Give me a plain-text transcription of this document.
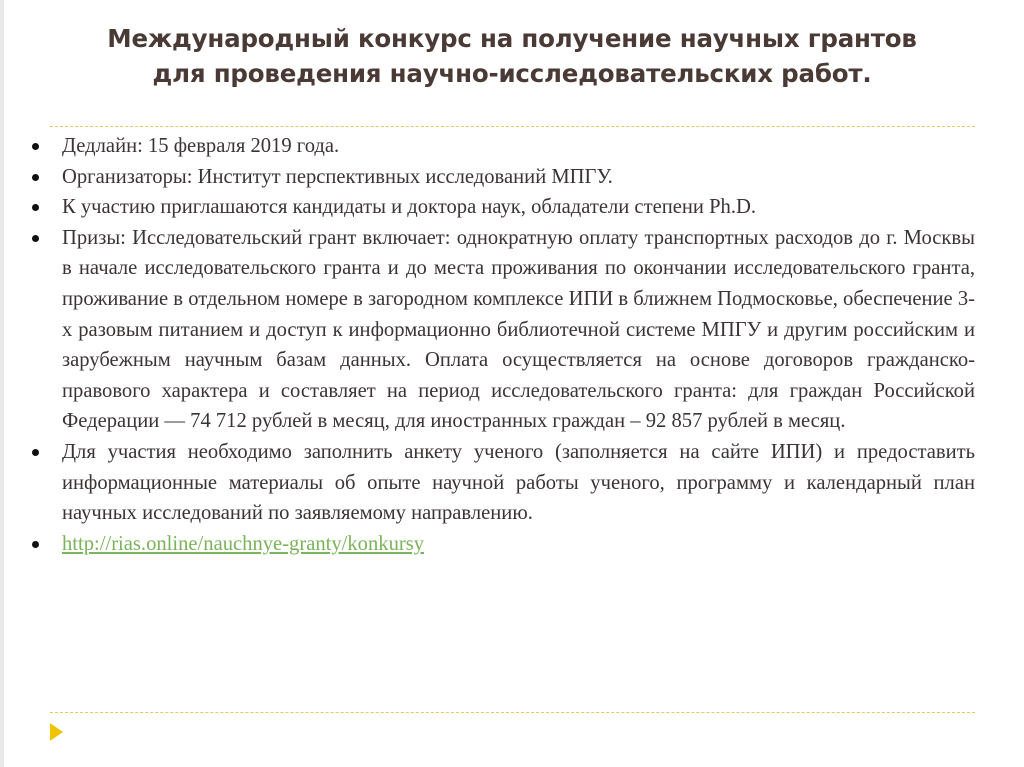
Международный конкурс на получение научных грантов
для проведения научно-исследовательских работ.
Дедлайн: 15 февраля 2019 года.
Организаторы: Институт перспективных исследований МПГУ.
К участию приглашаются кандидаты и доктора наук, обладатели степени Ph.D.
Призы: Исследовательский грант включает: однократную оплату транспортных расходов до г. Москвы в начале исследовательского гранта и до места проживания по окончании исследовательского гранта, проживание в отдельном номере в загородном комплексе ИПИ в ближнем Подмосковье, обеспечение 3-х разовым питанием и доступ к информационно библиотечной системе МПГУ и другим российским и зарубежным научным базам данных. Оплата осуществляется на основе договоров гражданско-правового характера и составляет на период исследовательского гранта: для граждан Российской Федерации — 74 712 рублей в месяц, для иностранных граждан – 92 857 рублей в месяц.
Для участия необходимо заполнить анкету ученого (заполняется на сайте ИПИ) и предоставить информационные материалы об опыте научной работы ученого, программу и календарный план научных исследований по заявляемому направлению.
http://rias.online/nauchnye-granty/konkursy
